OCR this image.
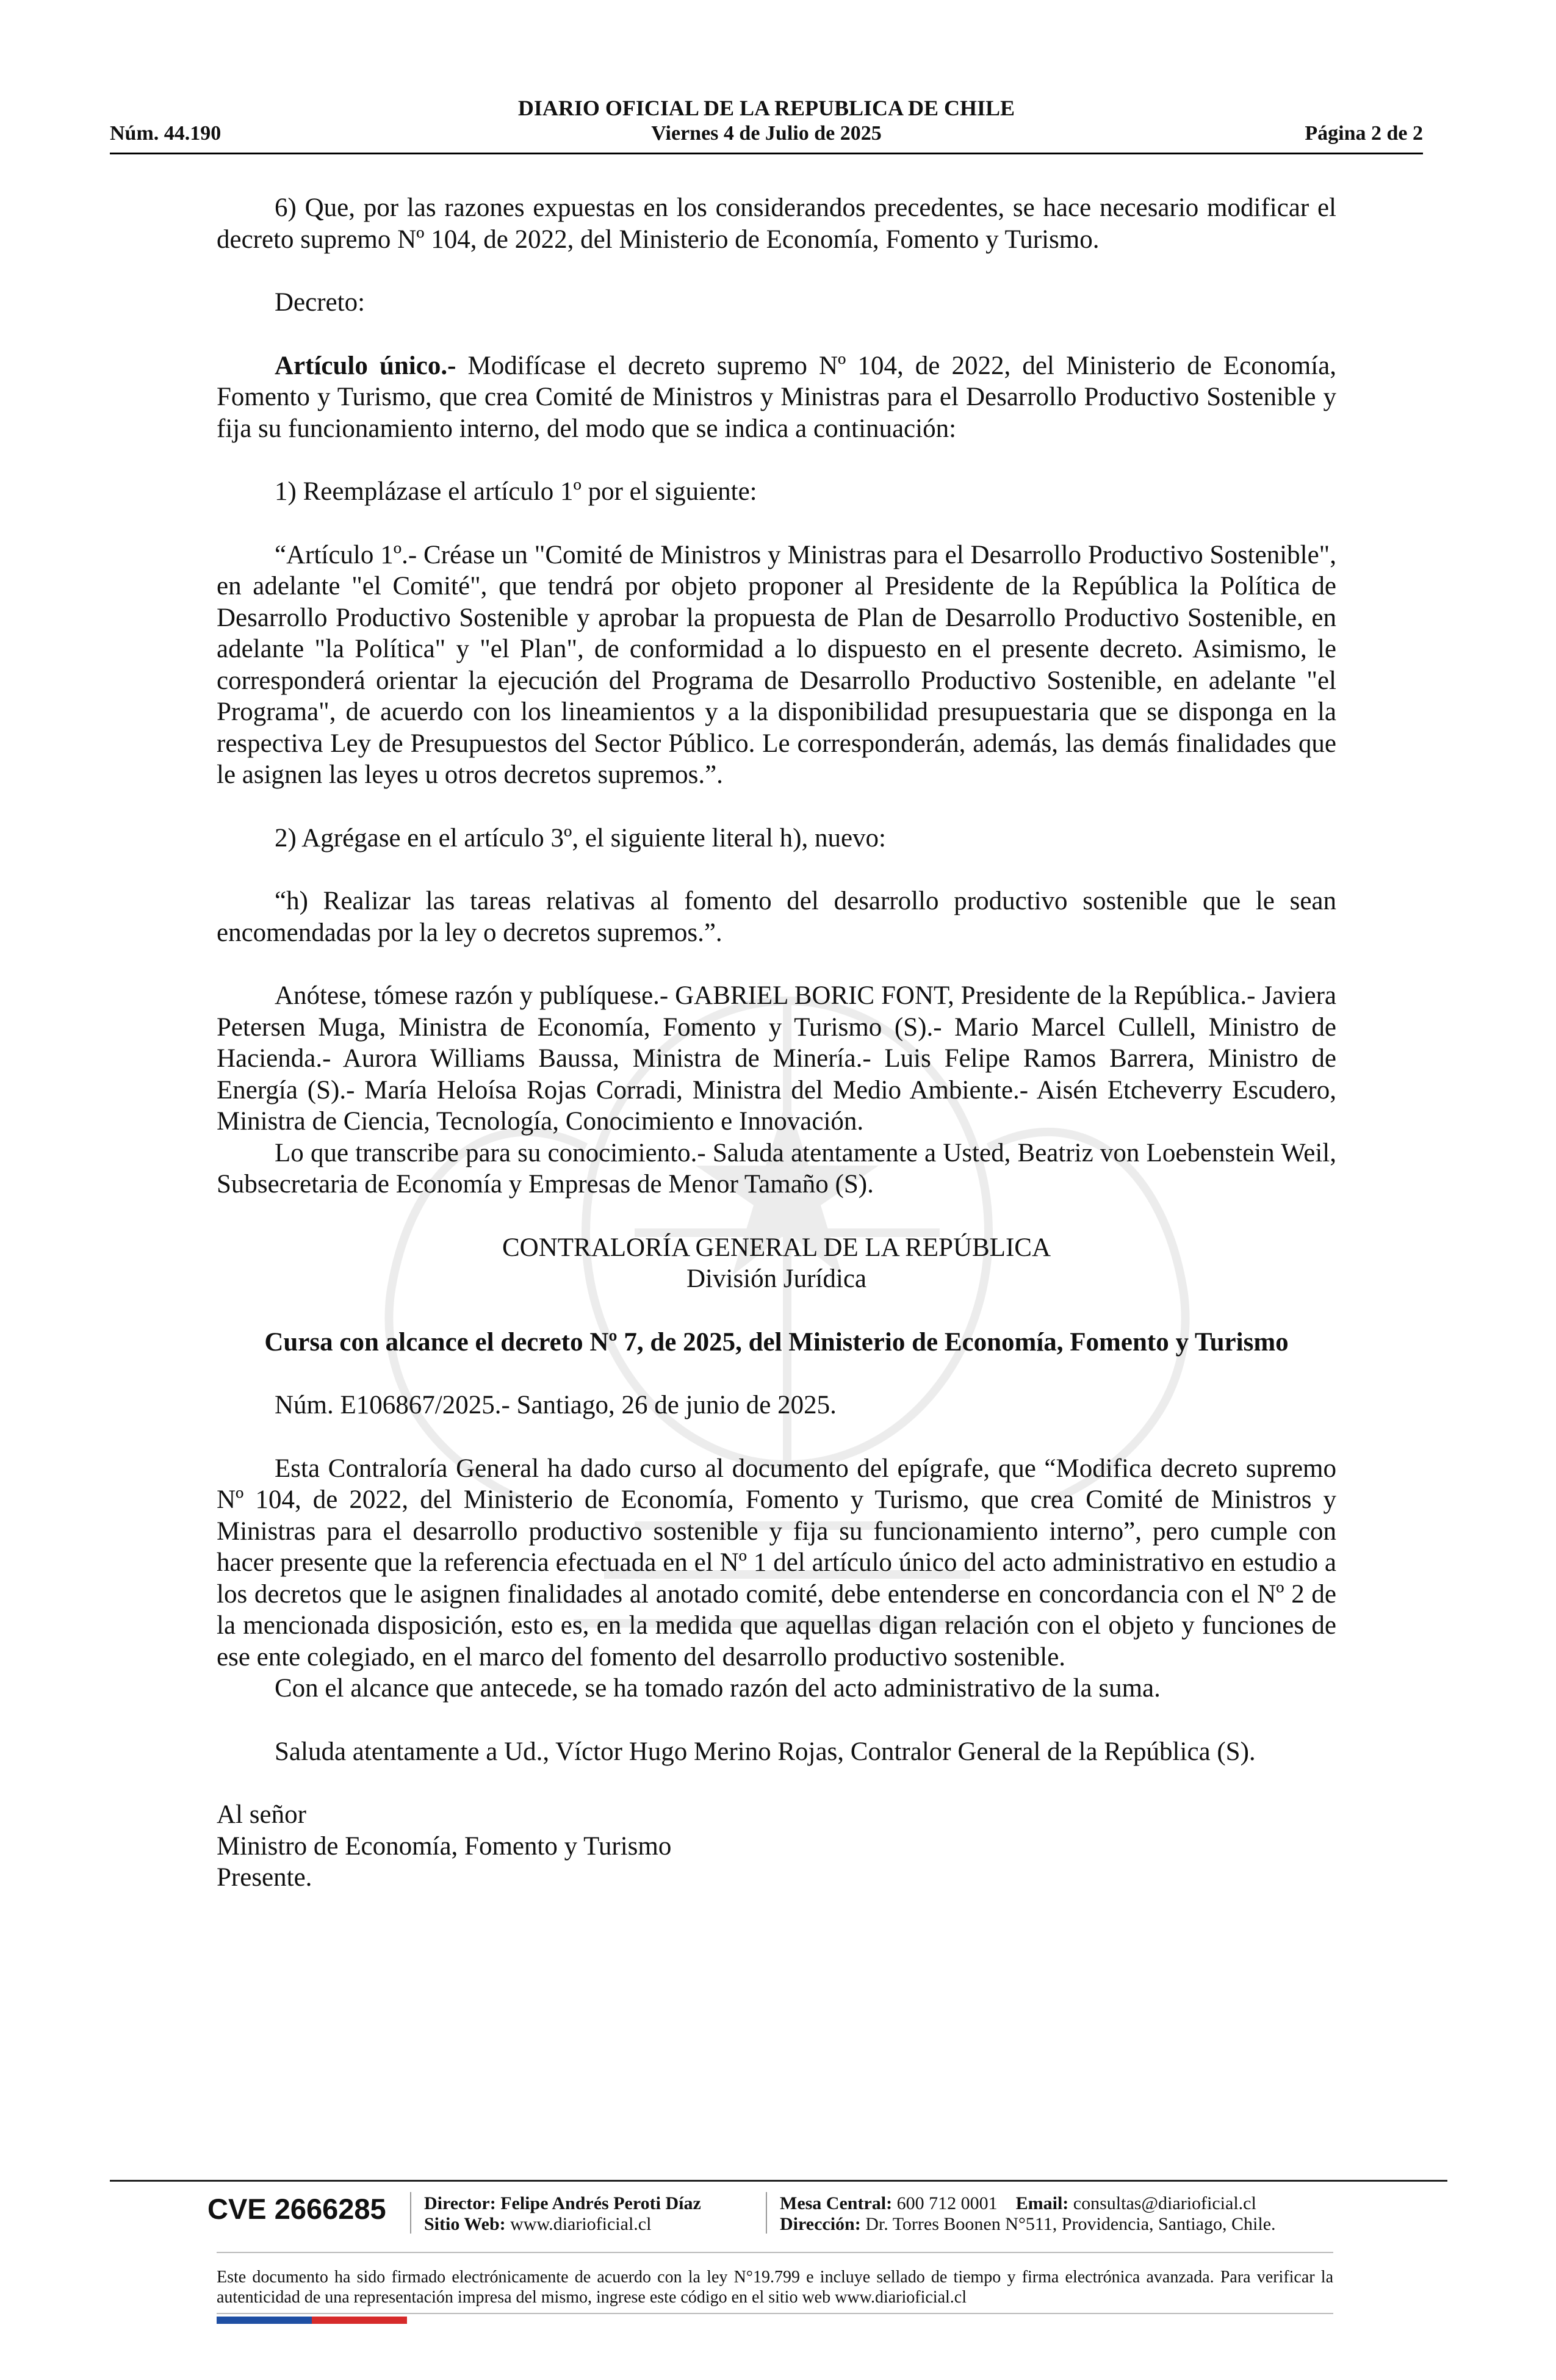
DIARIO OFICIAL DE LA REPUBLICA DE CHILE
Núm. 44.190	Viernes 4 de Julio de 2025	Página 2 de 2

6) Que, por las razones expuestas en los considerandos precedentes, se hace necesario modificar el decreto supremo Nº 104, de 2022, del Ministerio de Economía, Fomento y Turismo.

Decreto:

Artículo único.- Modifícase el decreto supremo Nº 104, de 2022, del Ministerio de Economía, Fomento y Turismo, que crea Comité de Ministros y Ministras para el Desarrollo Productivo Sostenible y fija su funcionamiento interno, del modo que se indica a continuación:

1) Reemplázase el artículo 1º por el siguiente:

“Artículo 1º.- Créase un "Comité de Ministros y Ministras para el Desarrollo Productivo Sostenible", en adelante "el Comité", que tendrá por objeto proponer al Presidente de la República la Política de Desarrollo Productivo Sostenible y aprobar la propuesta de Plan de Desarrollo Productivo Sostenible, en adelante "la Política" y "el Plan", de conformidad a lo dispuesto en el presente decreto. Asimismo, le corresponderá orientar la ejecución del Programa de Desarrollo Productivo Sostenible, en adelante "el Programa", de acuerdo con los lineamientos y a la disponibilidad presupuestaria que se disponga en la respectiva Ley de Presupuestos del Sector Público. Le corresponderán, además, las demás finalidades que le asignen las leyes u otros decretos supremos.”.

2) Agrégase en el artículo 3º, el siguiente literal h), nuevo:

“h) Realizar las tareas relativas al fomento del desarrollo productivo sostenible que le sean encomendadas por la ley o decretos supremos.”.

Anótese, tómese razón y publíquese.- GABRIEL BORIC FONT, Presidente de la República.- Javiera Petersen Muga, Ministra de Economía, Fomento y Turismo (S).- Mario Marcel Cullell, Ministro de Hacienda.- Aurora Williams Baussa, Ministra de Minería.- Luis Felipe Ramos Barrera, Ministro de Energía (S).- María Heloísa Rojas Corradi, Ministra del Medio Ambiente.- Aisén Etcheverry Escudero, Ministra de Ciencia, Tecnología, Conocimiento e Innovación.

Lo que transcribe para su conocimiento.- Saluda atentamente a Usted, Beatriz von Loebenstein Weil, Subsecretaria de Economía y Empresas de Menor Tamaño (S).

CONTRALORÍA GENERAL DE LA REPÚBLICA

División Jurídica

Cursa con alcance el decreto Nº 7, de 2025, del Ministerio de Economía, Fomento y Turismo

Núm. E106867/2025.- Santiago, 26 de junio de 2025.

Esta Contraloría General ha dado curso al documento del epígrafe, que “Modifica decreto supremo Nº 104, de 2022, del Ministerio de Economía, Fomento y Turismo, que crea Comité de Ministros y Ministras para el desarrollo productivo sostenible y fija su funcionamiento interno”, pero cumple con hacer presente que la referencia efectuada en el Nº 1 del artículo único del acto administrativo en estudio a los decretos que le asignen finalidades al anotado comité, debe entenderse en concordancia con el Nº 2 de la mencionada disposición, esto es, en la medida que aquellas digan relación con el objeto y funciones de ese ente colegiado, en el marco del fomento del desarrollo productivo sostenible.

Con el alcance que antecede, se ha tomado razón del acto administrativo de la suma.

Saluda atentamente a Ud., Víctor Hugo Merino Rojas, Contralor General de la República (S).

Al señor

Ministro de Economía, Fomento y Turismo

Presente.

CVE 2666285 Director: Felipe Andrés Peroti Díaz
Sitio Web: www.diarioficial.cl
Mesa Central: 600 712 0001 Email: consultas@diarioficial.cl
Dirección: Dr. Torres Boonen N°511, Providencia, Santiago, Chile.
Este documento ha sido firmado electrónicamente de acuerdo con la ley N°19.799 e incluye sellado de tiempo y firma electrónica avanzada. Para verificar la autenticidad de una representación impresa del mismo, ingrese este código en el sitio web www.diarioficial.cl
